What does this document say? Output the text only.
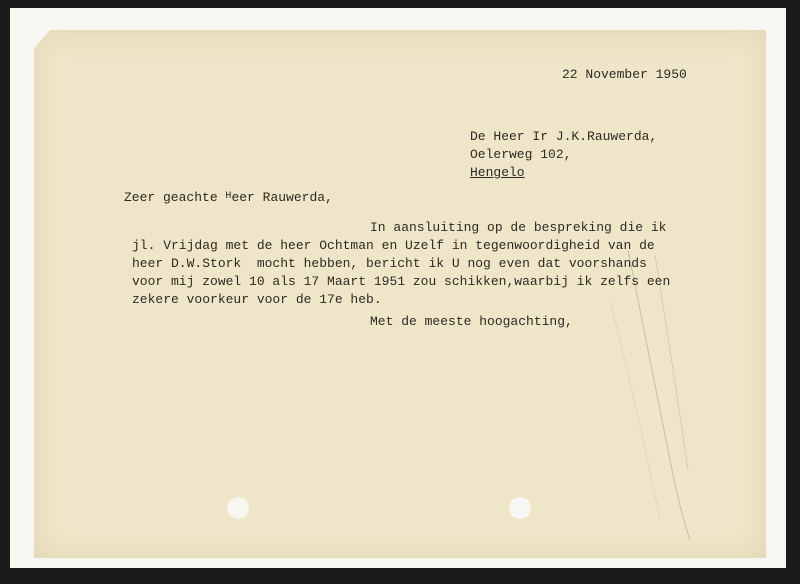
22 November 1950

De Heer Ir J.K.Rauwerda,

Oelerweg 102,

Hengelo

Zeer geachte $^H$eer Rauwerda,

In aansluiting op de bespreking die ik

jl. Vrijdag met de heer Ochtman en Uzelf in tegenwoordigheid van de

heer D.W.Stork  mocht hebben, bericht ik U nog even dat voorshands

voor mij zowel 10 als 17 Maart 1951 zou schikken,waarbij ik zelfs een

zekere voorkeur voor de 17e heb.

Met de meeste hoogachting,
